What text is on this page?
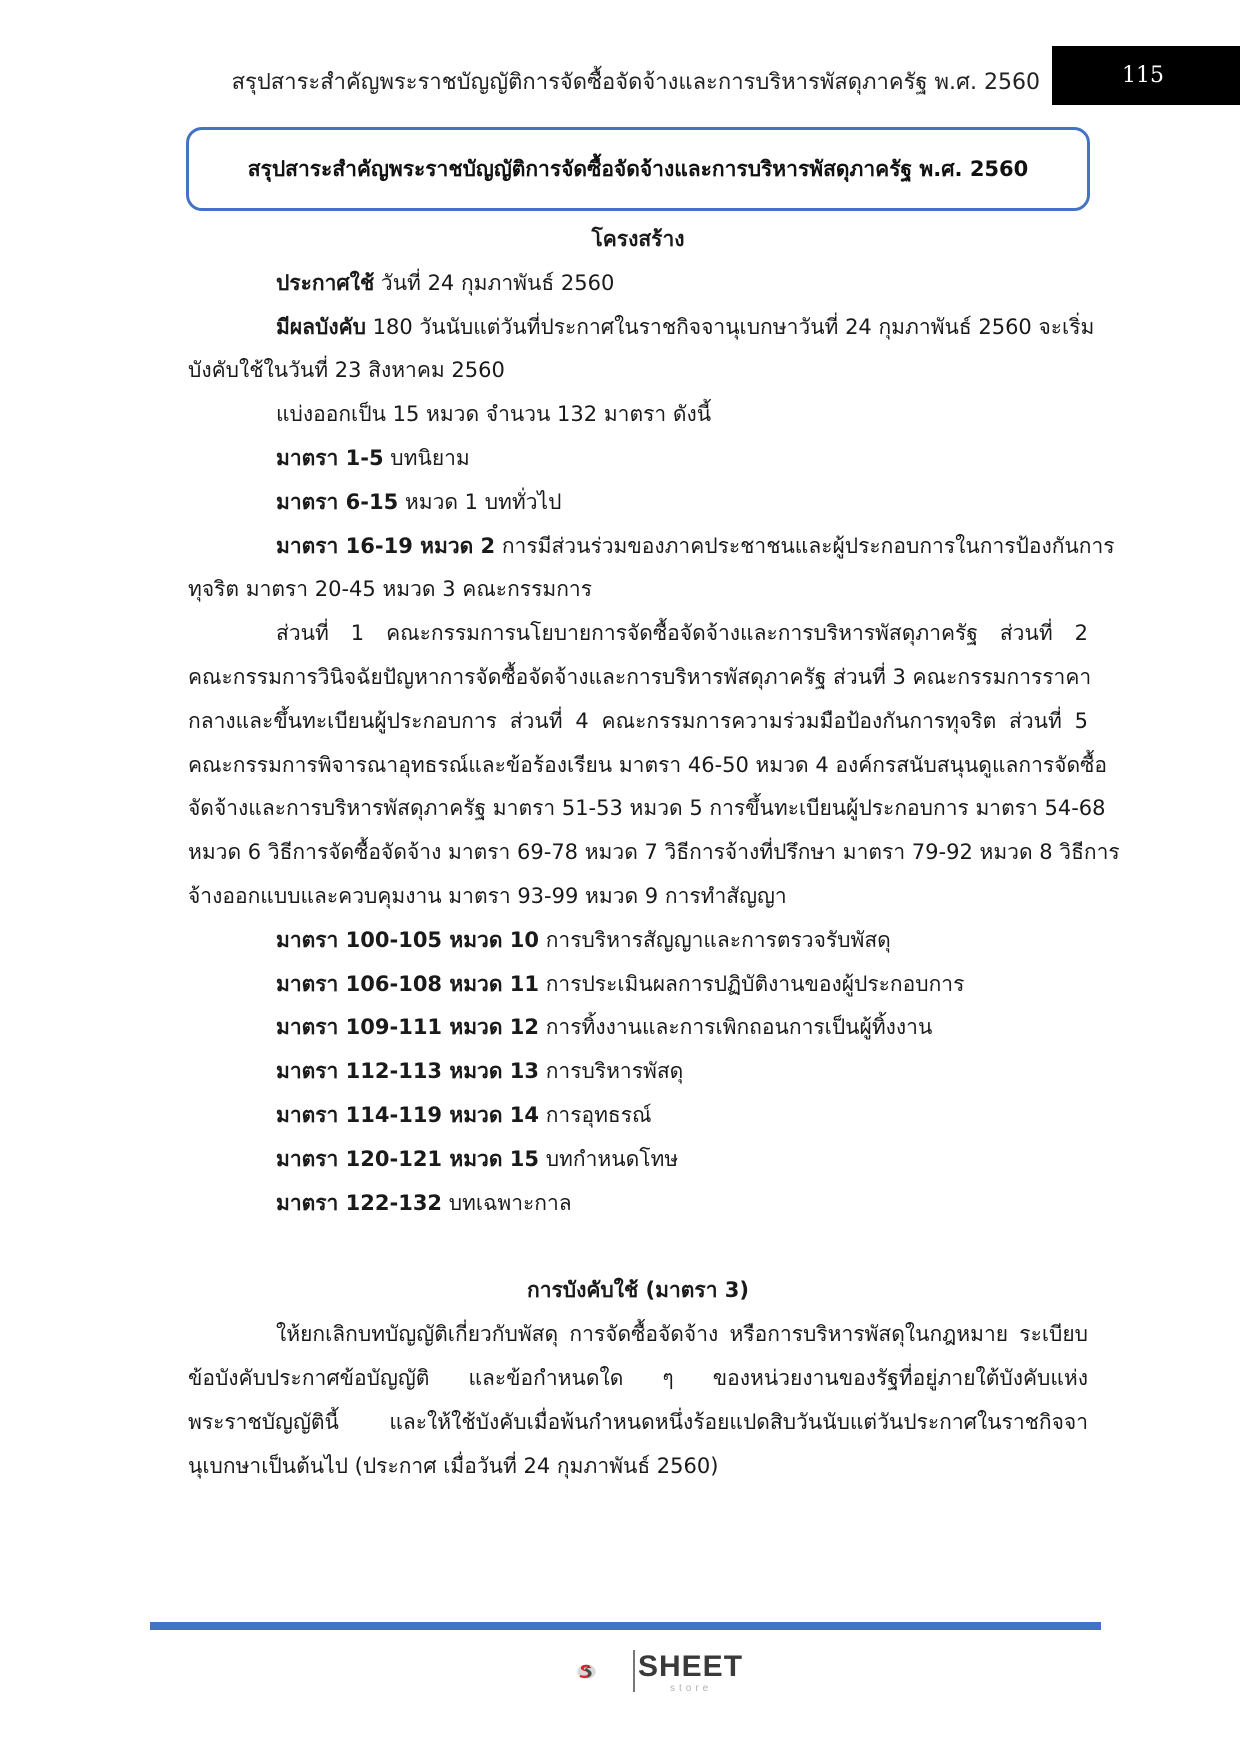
สรุปสาระสำคัญพระราชบัญญัติการจัดซื้อจัดจ้างและการบริหารพัสดุภาครัฐ พ.ศ. 2560	115
สรุปสาระสำคัญพระราชบัญญัติการจัดซื้อจัดจ้างและการบริหารพัสดุภาครัฐ พ.ศ. 2560
โครงสร้าง
ประกาศใช้ วันที่ 24 กุมภาพันธ์ 2560
มีผลบังคับ 180 วันนับแต่วันที่ประกาศในราชกิจจานุเบกษาวันที่ 24 กุมภาพันธ์ 2560 จะเริ่ม
บังคับใช้ในวันที่ 23 สิงหาคม 2560
แบ่งออกเป็น 15 หมวด จำนวน 132 มาตรา ดังนี้
มาตรา 1-5 บทนิยาม
มาตรา 6-15 หมวด 1 บททั่วไป
มาตรา 16-19 หมวด 2 การมีส่วนร่วมของภาคประชาชนและผู้ประกอบการในการป้องกันการ
ทุจริต มาตรา 20-45 หมวด 3 คณะกรรมการ
ส่วนที่ 1 คณะกรรมการนโยบายการจัดซื้อจัดจ้างและการบริหารพัสดุภาครัฐ ส่วนที่ 2
คณะกรรมการวินิจฉัยปัญหาการจัดซื้อจัดจ้างและการบริหารพัสดุภาครัฐ ส่วนที่ 3 คณะกรรมการราคา
กลางและขึ้นทะเบียนผู้ประกอบการ ส่วนที่ 4 คณะกรรมการความร่วมมือป้องกันการทุจริต ส่วนที่ 5
คณะกรรมการพิจารณาอุทธรณ์และข้อร้องเรียน มาตรา 46-50 หมวด 4 องค์กรสนับสนุนดูแลการจัดซื้อ
จัดจ้างและการบริหารพัสดุภาครัฐ มาตรา 51-53 หมวด 5 การขึ้นทะเบียนผู้ประกอบการ มาตรา 54-68
หมวด 6 วิธีการจัดซื้อจัดจ้าง มาตรา 69-78 หมวด 7 วิธีการจ้างที่ปรึกษา มาตรา 79-92 หมวด 8 วิธีการ
จ้างออกแบบและควบคุมงาน มาตรา 93-99 หมวด 9 การทำสัญญา
มาตรา 100-105 หมวด 10 การบริหารสัญญาและการตรวจรับพัสดุ
มาตรา 106-108 หมวด 11 การประเมินผลการปฏิบัติงานของผู้ประกอบการ
มาตรา 109-111 หมวด 12 การทิ้งงานและการเพิกถอนการเป็นผู้ทิ้งงาน
มาตรา 112-113 หมวด 13 การบริหารพัสดุ
มาตรา 114-119 หมวด 14 การอุทธรณ์
มาตรา 120-121 หมวด 15 บทกำหนดโทษ
มาตรา 122-132 บทเฉพาะกาล
การบังคับใช้ (มาตรา 3)
ให้ยกเลิกบทบัญญัติเกี่ยวกับพัสดุ การจัดซื้อจัดจ้าง หรือการบริหารพัสดุในกฎหมาย ระเบียบ
ข้อบังคับประกาศข้อบัญญัติ และข้อกำหนดใด ๆ ของหน่วยงานของรัฐที่อยู่ภายใต้บังคับแห่ง
พระราชบัญญัตินี้ และให้ใช้บังคับเมื่อพ้นกำหนดหนึ่งร้อยแปดสิบวันนับแต่วันประกาศในราชกิจจา
นุเบกษาเป็นต้นไป (ประกาศ เมื่อวันที่ 24 กุมภาพันธ์ 2560)
SHEET
store
